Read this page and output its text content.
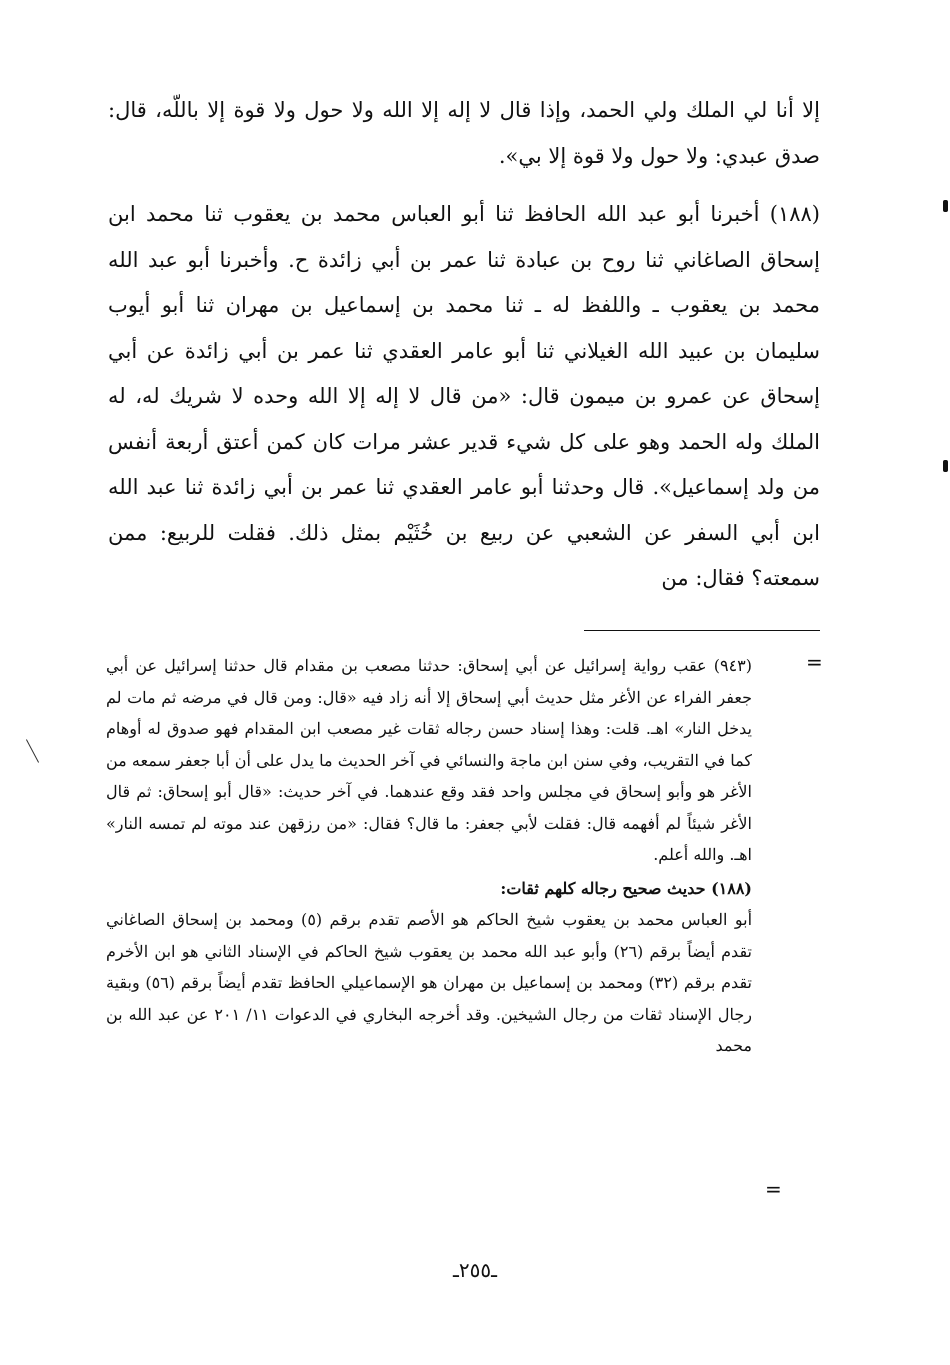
إلا أنا لي الملك ولي الحمد، وإذا قال لا إله إلا الله ولا حول ولا قوة إلا باللّه، قال: صدق عبدي: ولا حول ولا قوة إلا بي».

(١٨٨) أخبرنا أبو عبد الله الحافظ ثنا أبو العباس محمد بن يعقوب ثنا محمد ابن إسحاق الصاغاني ثنا روح بن عبادة ثنا عمر بن أبي زائدة ح. وأخبرنا أبو عبد الله محمد بن يعقوب ـ واللفظ له ـ ثنا محمد بن إسماعيل بن مهران ثنا أبو أيوب سليمان بن عبيد الله الغيلاني ثنا أبو عامر العقدي ثنا عمر بن أبي زائدة عن أبي إسحاق عن عمرو بن ميمون قال: «من قال لا إله إلا الله وحده لا شريك له، له الملك وله الحمد وهو على كل شيء قدير عشر مرات كان كمن أعتق أربعة أنفس من ولد إسماعيل». قال وحدثنا أبو عامر العقدي ثنا عمر بن أبي زائدة ثنا عبد الله ابن أبي السفر عن الشعبي عن ربيع بن خُثَيْم بمثل ذلك. فقلت للربيع: ممن سمعته؟ فقال: من

=

(٩٤٣) عقب رواية إسرائيل عن أبي إسحاق: حدثنا مصعب بن مقدام قال حدثنا إسرائيل عن أبي جعفر الفراء عن الأغر مثل حديث أبي إسحاق إلا أنه زاد فيه «قال: ومن قال في مرضه ثم مات لم يدخل النار» اهـ. قلت: وهذا إسناد حسن رجاله ثقات غير مصعب ابن المقدام فهو صدوق له أوهام كما في التقريب، وفي سنن ابن ماجة والنسائي في آخر الحديث ما يدل على أن أبا جعفر سمعه من الأغر هو وأبو إسحاق في مجلس واحد فقد وقع عندهما. في آخر حديث: «قال أبو إسحاق: ثم قال الأغر شيئاً لم أفهمه قال: فقلت لأبي جعفر: ما قال؟ فقال: «من رزقهن عند موته لم تمسه النار» اهـ. والله أعلم.

(١٨٨) حديث صحيح رجاله كلهم ثقات:

أبو العباس محمد بن يعقوب شيخ الحاكم هو الأصم تقدم برقم (٥) ومحمد بن إسحاق الصاغاني تقدم أيضاً برقم (٢٦) وأبو عبد الله محمد بن يعقوب شيخ الحاكم في الإسناد الثاني هو ابن الأخرم تقدم برقم (٣٢) ومحمد بن إسماعيل بن مهران هو الإسماعيلي الحافظ تقدم أيضاً برقم (٥٦) وبقية رجال الإسناد ثقات من رجال الشيخين. وقد أخرجه البخاري في الدعوات ١١/ ٢٠١ عن عبد الله بن محمد

=
ـ٢٥٥ـ
